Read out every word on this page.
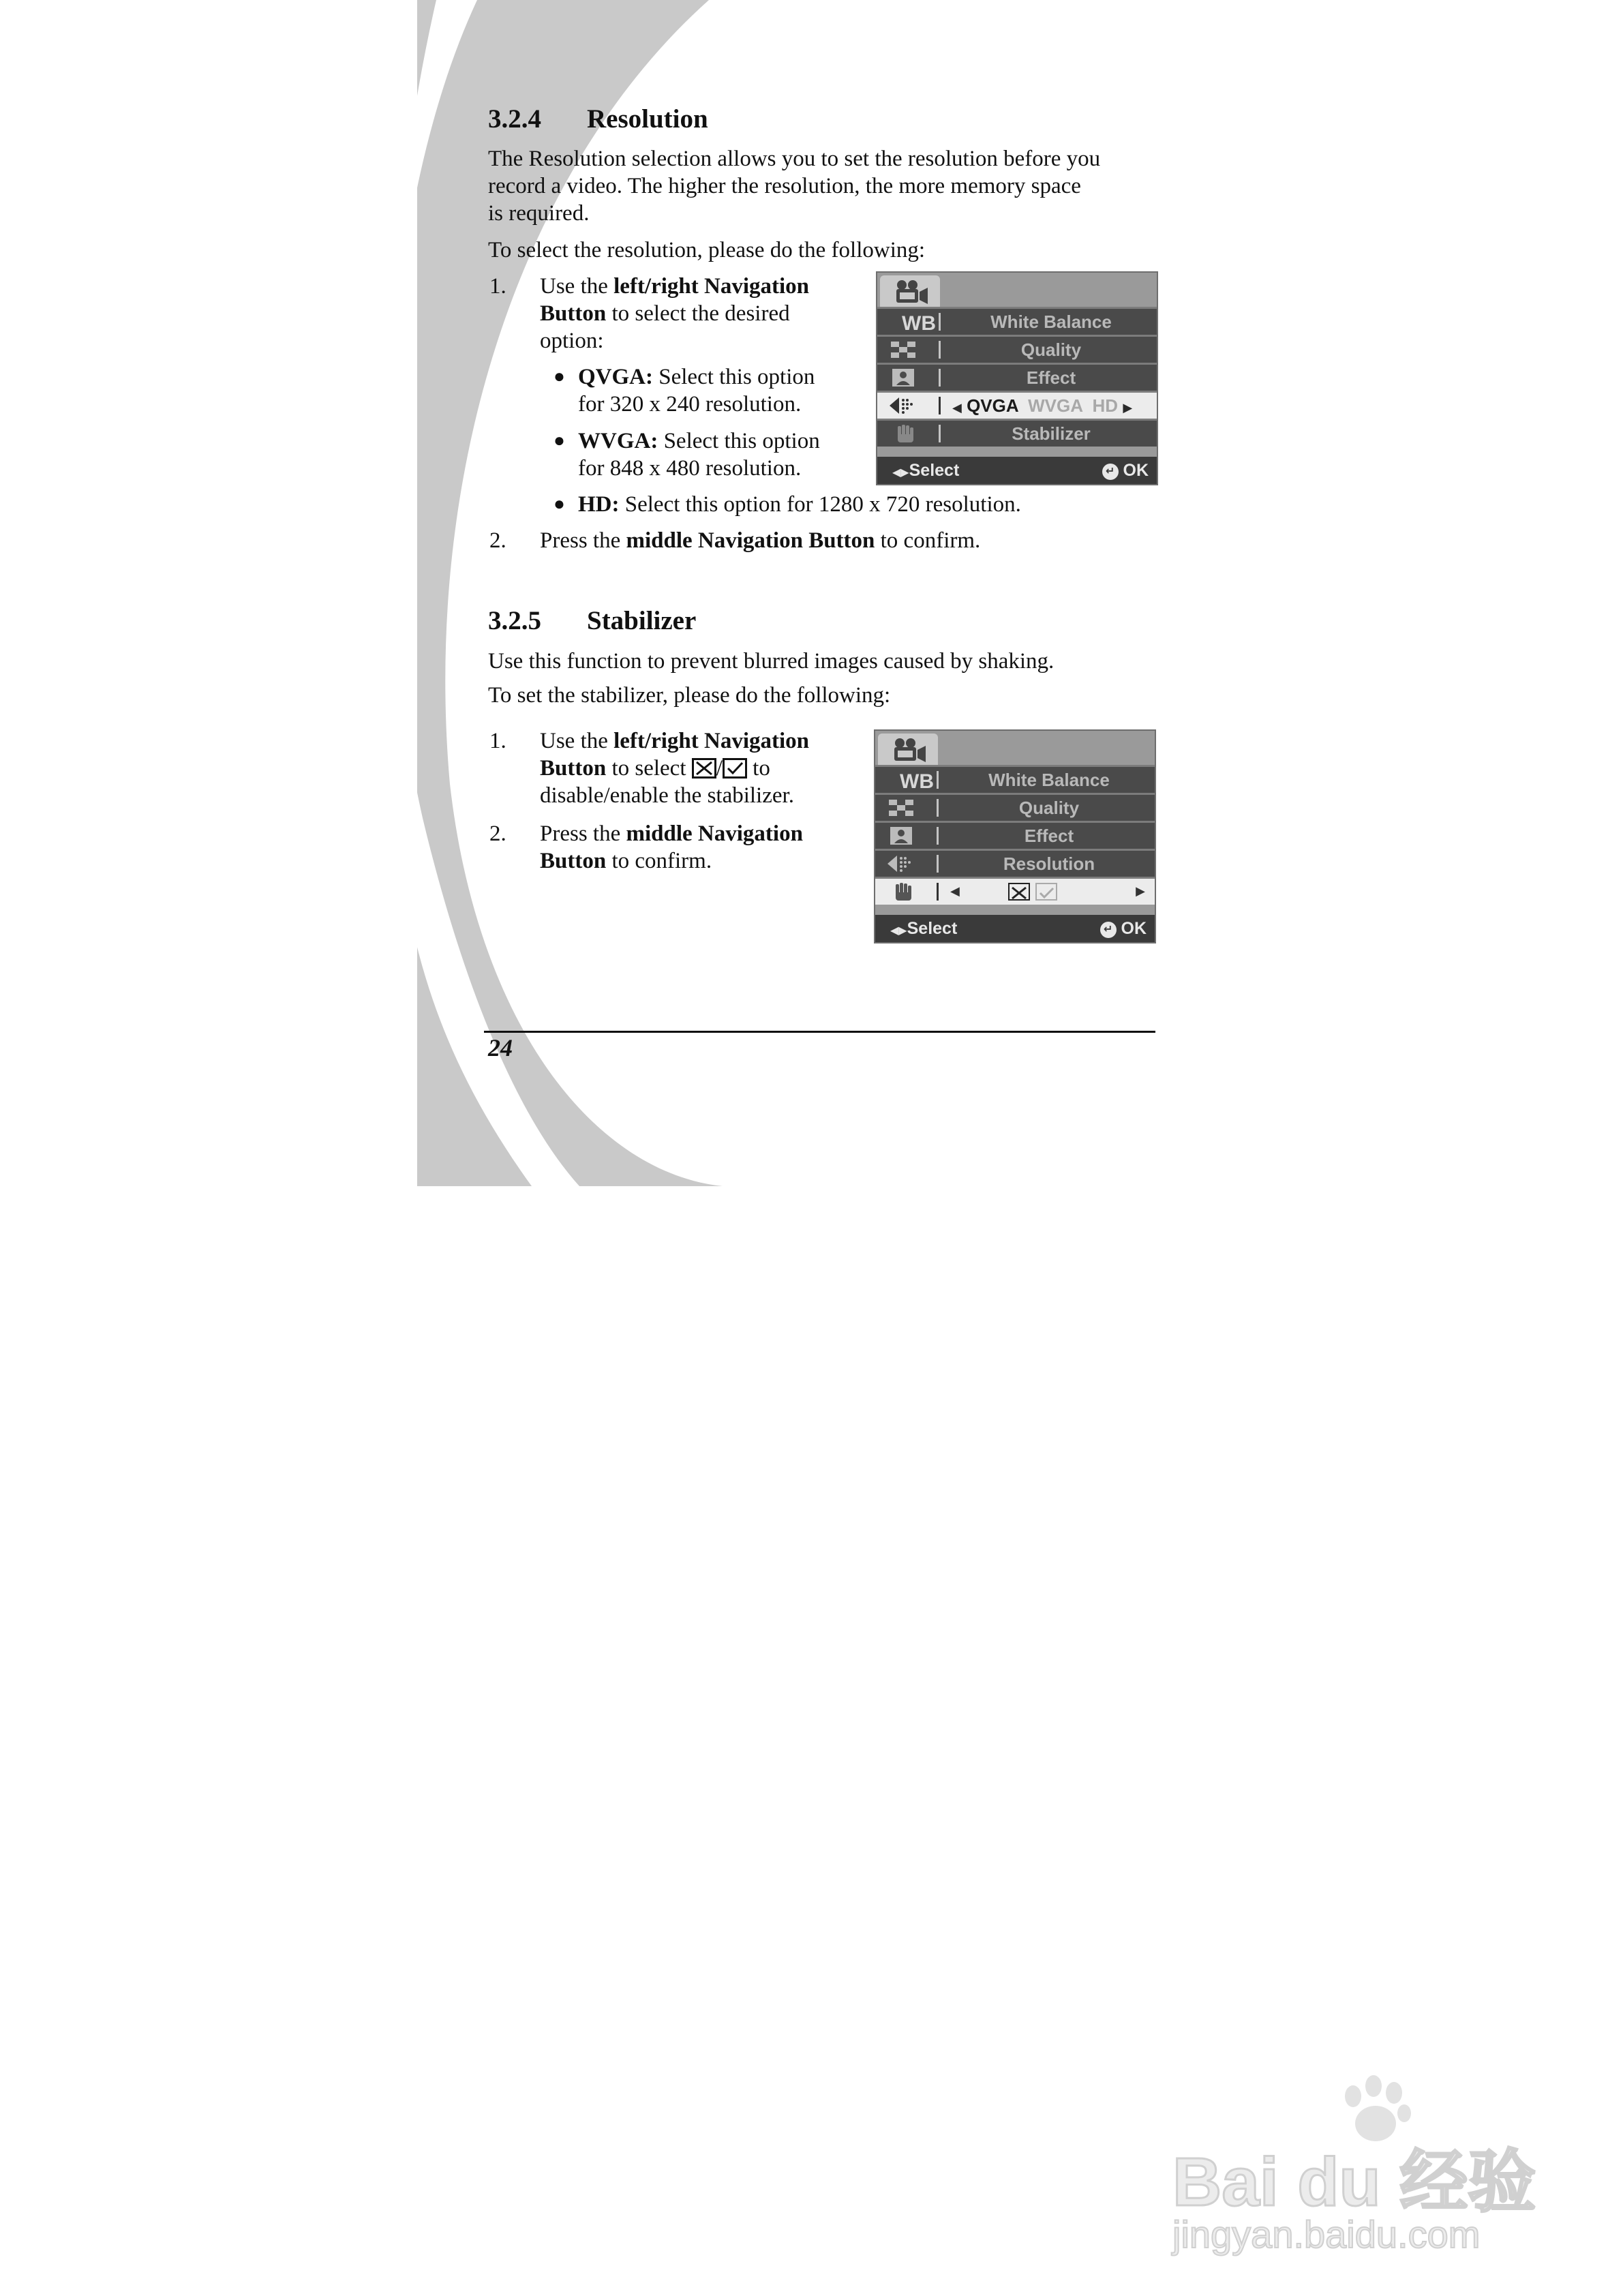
3.2.4 Resolution
The Resolution selection allows you to set the resolution before you
record a video. The higher the resolution, the more memory space
is required.
To select the resolution, please do the following:
1. Use the left/right Navigation
Button to select the desired
option:
● QVGA: Select this option
for 320 x 240 resolution.
● WVGA: Select this option
for 848 x 480 resolution.
● HD: Select this option for 1280 x 720 resolution.
2. Press the middle Navigation Button to confirm.
WB	White Balance
Quality
Effect
◀ QVGA WVGA HD ▶
Stabilizer
◀▶Select	↵ OK
3.2.5 Stabilizer
Use this function to prevent blurred images caused by shaking.
To set the stabilizer, please do the following:
1. Use the left/right Navigation
Button to select
/
to
disable/enable the stabilizer.
2. Press the middle Navigation
Button to confirm.
WB	White Balance
Quality
Effect
Resolution
◀	▶
◀▶Select	↵ OK
24
Bai du 经验
jingyan.baidu.com
